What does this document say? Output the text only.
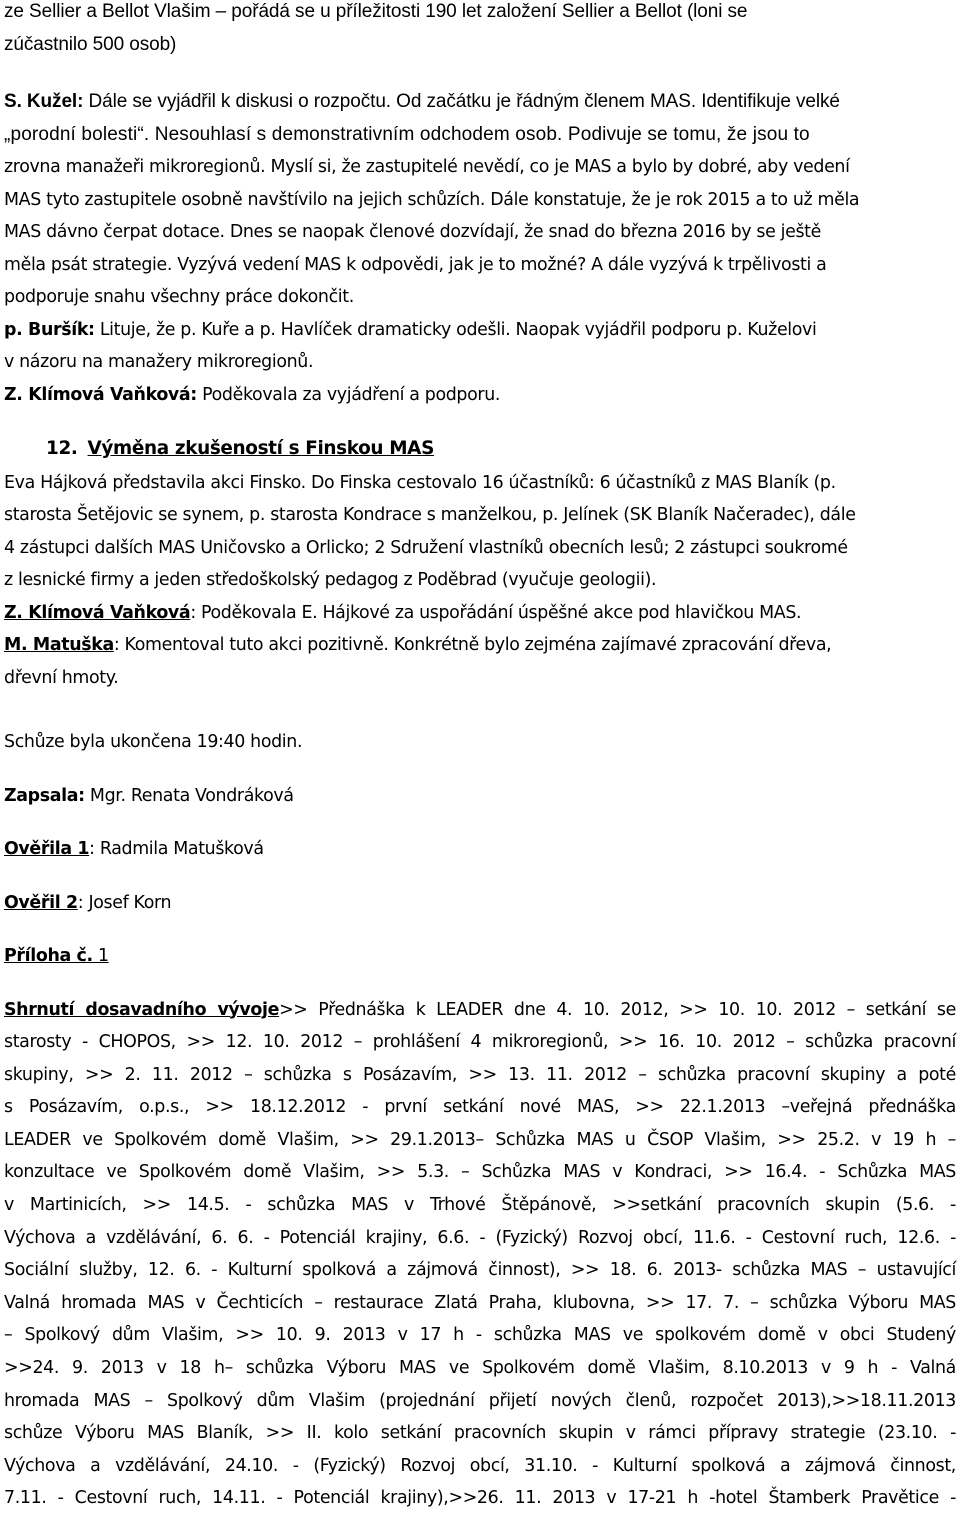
ze Sellier a Bellot Vlašim – pořádá se u příležitosti 190 let založení Sellier a Bellot (loni se
zúčastnilo 500 osob)
S. Kužel: Dále se vyjádřil k diskusi o rozpočtu. Od začátku je řádným členem MAS. Identifikuje velké
„porodní bolesti“. Nesouhlasí s demonstrativním odchodem osob. Podivuje se tomu, že jsou to
zrovna manažeři mikroregionů. Myslí si, že zastupitelé nevědí, co je MAS a bylo by dobré, aby vedení
MAS tyto zastupitele osobně navštívilo na jejich schůzích. Dále konstatuje, že je rok 2015 a to už měla
MAS dávno čerpat dotace. Dnes se naopak členové dozvídají, že snad do března 2016 by se ještě
měla psát strategie. Vyzývá vedení MAS k odpovědi, jak je to možné? A dále vyzývá k trpělivosti a
podporuje snahu všechny práce dokončit.
p. Buršík: Lituje, že p. Kuře a p. Havlíček dramaticky odešli. Naopak vyjádřil podporu p. Kuželovi
v názoru na manažery mikroregionů.
Z. Klímová Vaňková: Poděkovala za vyjádření a podporu.
12. Výměna zkušeností s Finskou MAS
Eva Hájková představila akci Finsko. Do Finska cestovalo 16 účastníků: 6 účastníků z MAS Blaník (p.
starosta Šetějovic se synem, p. starosta Kondrace s manželkou, p. Jelínek (SK Blaník Načeradec), dále
4 zástupci dalších MAS Uničovsko a Orlicko; 2 Sdružení vlastníků obecních lesů; 2 zástupci soukromé
z lesnické firmy a jeden středoškolský pedagog z Poděbrad (vyučuje geologii).
Z. Klímová Vaňková: Poděkovala E. Hájkové za uspořádání úspěšné akce pod hlavičkou MAS.
M. Matuška: Komentoval tuto akci pozitivně. Konkrétně bylo zejména zajímavé zpracování dřeva,
dřevní hmoty.
Schůze byla ukončena 19:40 hodin.
Zapsala: Mgr. Renata Vondráková
Ověřila 1: Radmila Matušková
Ověřil 2: Josef Korn
Příloha č. 1
Shrnutí dosavadního vývoje>> Přednáška k LEADER dne 4. 10. 2012, >> 10. 10. 2012 – setkání se
starosty - CHOPOS, >> 12. 10. 2012 – prohlášení 4 mikroregionů, >> 16. 10. 2012 – schůzka pracovní
skupiny, >> 2. 11. 2012 – schůzka s Posázavím, >> 13. 11. 2012 – schůzka pracovní skupiny a poté
s Posázavím, o.p.s., >> 18.12.2012 - první setkání nové MAS, >> 22.1.2013 –veřejná přednáška
LEADER ve Spolkovém domě Vlašim, >> 29.1.2013– Schůzka MAS u ČSOP Vlašim, >> 25.2. v 19 h –
konzultace ve Spolkovém domě Vlašim, >> 5.3. – Schůzka MAS v Kondraci, >> 16.4. - Schůzka MAS
v Martinicích, >> 14.5. - schůzka MAS v Trhové Štěpánově, >>setkání pracovních skupin (5.6. -
Výchova a vzdělávání, 6. 6. - Potenciál krajiny, 6.6. - (Fyzický) Rozvoj obcí, 11.6. - Cestovní ruch, 12.6. -
Sociální služby, 12. 6. - Kulturní spolková a zájmová činnost), >> 18. 6. 2013- schůzka MAS – ustavující
Valná hromada MAS v Čechticích – restaurace Zlatá Praha, klubovna, >> 17. 7. – schůzka Výboru MAS
– Spolkový dům Vlašim, >> 10. 9. 2013 v 17 h - schůzka MAS ve spolkovém domě v obci Studený
>>24. 9. 2013 v 18 h– schůzka Výboru MAS ve Spolkovém domě Vlašim, 8.10.2013 v 9 h - Valná
hromada MAS – Spolkový dům Vlašim (projednání přijetí nových členů, rozpočet 2013),>>18.11.2013
schůze Výboru MAS Blaník, >> II. kolo setkání pracovních skupin v rámci přípravy strategie (23.10. -
Výchova a vzdělávání, 24.10. - (Fyzický) Rozvoj obcí, 31.10. - Kulturní spolková a zájmová činnost,
7.11. - Cestovní ruch, 14.11. - Potenciál krajiny),>>26. 11. 2013 v 17-21 h -hotel Štamberk Pravětice -
